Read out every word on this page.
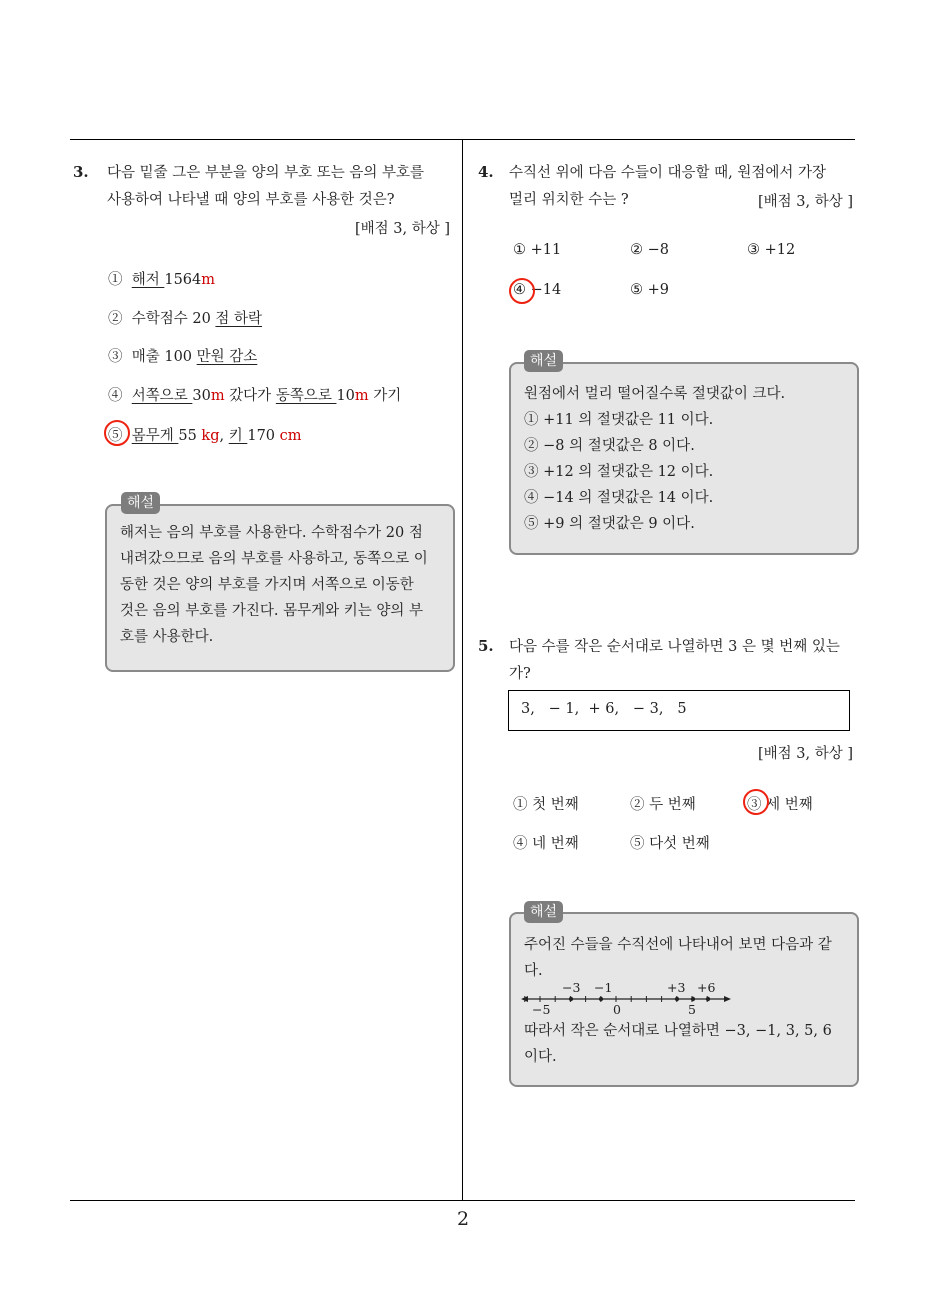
2
3. 다음 밑줄 그은 부분을 양의 부호 또는 음의 부호를
사용하여 나타낼 때 양의 부호를 사용한 것은?
[배점 3, 하상 ]
① 해저 1564m
② 수학점수 20 점 하락
③ 매출 100 만원 감소
④ 서쪽으로 30m 갔다가 동쪽으로 10m 가기
⑤ 몸무게 55 kg, 키 170 cm
해저는 음의 부호를 사용한다. 수학점수가 20 점
내려갔으므로 음의 부호를 사용하고, 동쪽으로 이
동한 것은 양의 부호를 가지며 서쪽으로 이동한
것은 음의 부호를 가진다. 몸무게와 키는 양의 부
호를 사용한다.
해설
4. 수직선 위에 다음 수들이 대응할 때, 원점에서 가장
멀리 위치한 수는 ?	[배점 3, 하상 ]
① +11	② −8	③ +12
④ −14	⑤ +9
원점에서 멀리 떨어질수록 절댓값이 크다.
① +11 의 절댓값은 11 이다.
② −8 의 절댓값은 8 이다.
③ +12 의 절댓값은 12 이다.
④ −14 의 절댓값은 14 이다.
⑤ +9 의 절댓값은 9 이다.
해설
5. 다음 수를 작은 순서대로 나열하면 3 은 몇 번째 있는
가?
3,   − 1,  + 6,   − 3,   5
[배점 3, 하상 ]
① 첫 번째	② 두 번째	③ 세 번째
④ 네 번째	⑤ 다섯 번째
주어진 수들을 수직선에 나타내어 보면 다음과 같
다.
−3 −1	+3 +6
−5	0	5
따라서 작은 순서대로 나열하면 −3, −1, 3, 5, 6
이다.
해설
